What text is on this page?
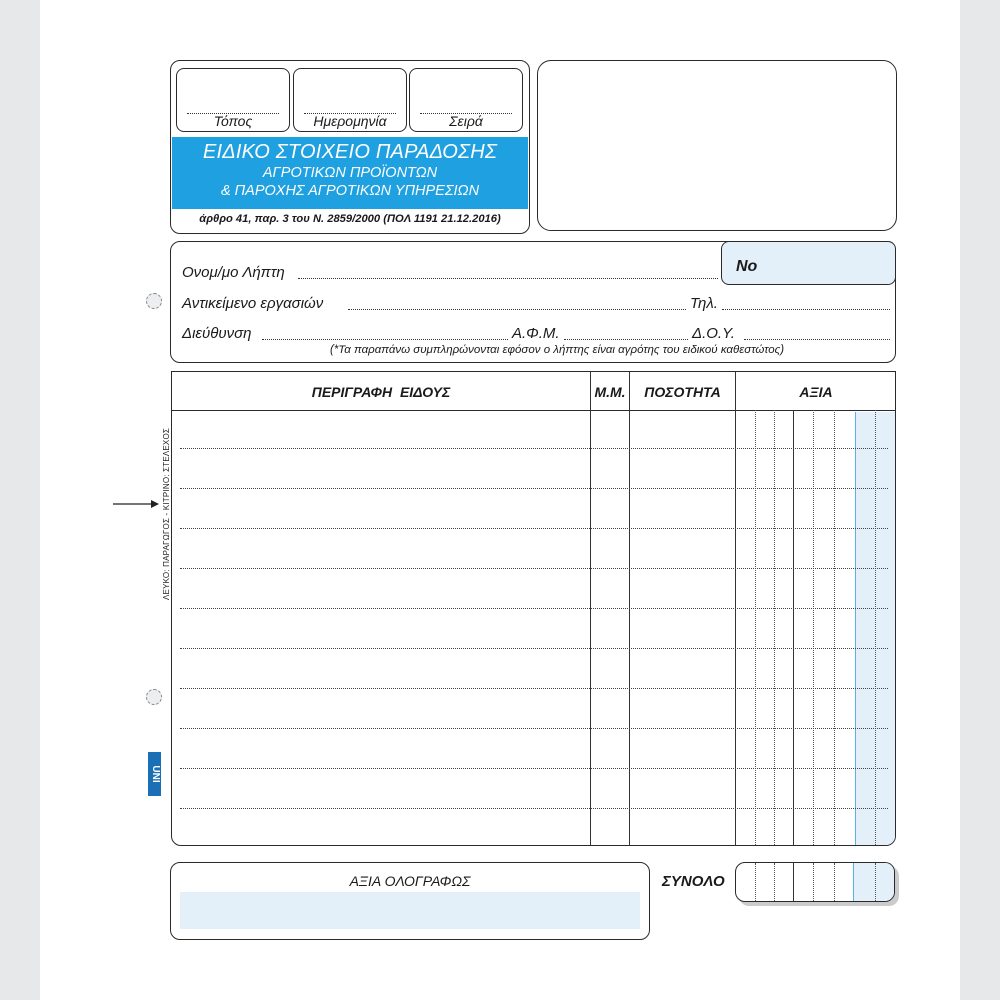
ΛΕΥΚΟ: ΠΑΡΑΓΩΓΟΣ - ΚΙΤΡΙΝΟ: ΣΤΕΛΕΧΟΣ
UNI
Τόπος	Ημερομηνία	Σειρά
ΕΙΔΙΚΟ ΣΤΟΙΧΕΙΟ ΠΑΡΑΔΟΣΗΣ
ΑΓΡΟΤΙΚΩΝ ΠΡΟΪΟΝΤΩΝ
& ΠΑΡΟΧΗΣ ΑΓΡΟΤΙΚΩΝ ΥΠΗΡΕΣΙΩΝ
άρθρο 41, παρ. 3 του Ν. 2859/2000 (ΠΟΛ 1191 21.12.2016)
Νο
Ονομ/μο Λήπτη
Αντικείμενο εργασιών	Τηλ.
Διεύθυνση	Α.Φ.Μ.	Δ.Ο.Υ.
(*Τα παραπάνω συμπληρώνονται εφόσον ο λήπτης είναι αγρότης του ειδικού καθεστώτος)
ΠΕΡΙΓΡΑΦΗ  ΕΙΔΟΥΣ	Μ.Μ.	ΠΟΣΟΤΗΤΑ	ΑΞΙΑ
ΑΞΙΑ ΟΛΟΓΡΑΦΩΣ	ΣΥΝΟΛΟ
